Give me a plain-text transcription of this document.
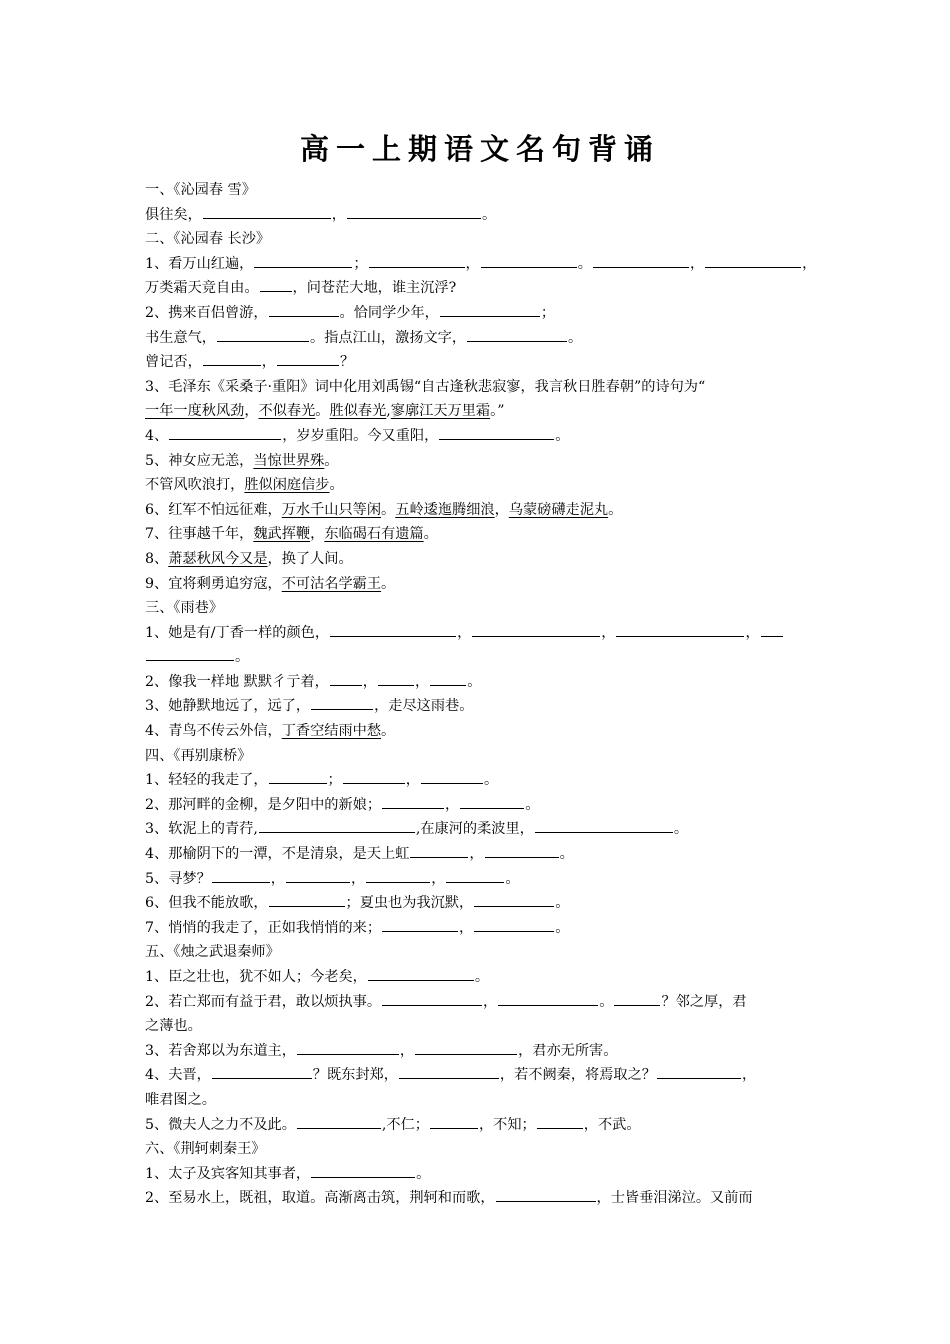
高一上期语文名句背诵
一、《沁园春 雪》
俱往矣，	，	。
二、《沁园春 长沙》
1、看万山红遍，	；	，	。	，	，
万类霜天竞自由。 ，问苍茫大地，谁主沉浮?
2、携来百侣曾游，	。恰同学少年，	；
书生意气，	。指点江山，激扬文字，	。
曾记否，	，	？
3、毛泽东《采桑子·重阳》词中化用刘禹锡“自古逢秋悲寂寥，我言秋日胜春朝”的诗句为“
一年一度秋风劲，不似春光。胜似春光,寥廓江天万里霜。”
4、	，岁岁重阳。今又重阳，	。
5、神女应无恙，当惊世界殊。
不管风吹浪打，胜似闲庭信步。
6、红军不怕远征难，万水千山只等闲。五岭逶迤腾细浪，乌蒙磅礴走泥丸。
7、往事越千年，魏武挥鞭，东临碣石有遗篇。
8、萧瑟秋风今又是，换了人间。
9、宜将剩勇追穷寇，不可沽名学霸王。
三、《雨巷》
1、她是有/丁香一样的颜色，	，	，	，
。
2、像我一样地 默默彳亍着， ，	，	。
3、她静默地远了，远了，	，走尽这雨巷。
4、青鸟不传云外信，丁香空结雨中愁。
四、《再别康桥》
1、轻轻的我走了，	；	，	。
2、那河畔的金柳，是夕阳中的新娘；	，	。
3、软泥上的青荇,	,在康河的柔波里，	。
4、那榆阴下的一潭，不是清泉，是天上虹	，	。
5、寻梦？	，	，	，	。
6、但我不能放歌，	；夏虫也为我沉默，	。
7、悄悄的我走了，正如我悄悄的来；	，	。
五、《烛之武退秦师》
1、臣之壮也，犹不如人；今老矣，	。
2、若亡郑而有益于君，敢以烦执事。	，	。	？邻之厚，君
之薄也。
3、若舍郑以为东道主，	，	，君亦无所害。
4、夫晋，	？既东封郑，	，若不阙秦，将焉取之？	，
唯君图之。
5、微夫人之力不及此。	,不仁；	，不知；	，不武。
六、《荆轲刺秦王》
1、太子及宾客知其事者，	。
2、至易水上，既祖，取道。高渐离击筑，荆轲和而歌，	，士皆垂泪涕泣。又前而
